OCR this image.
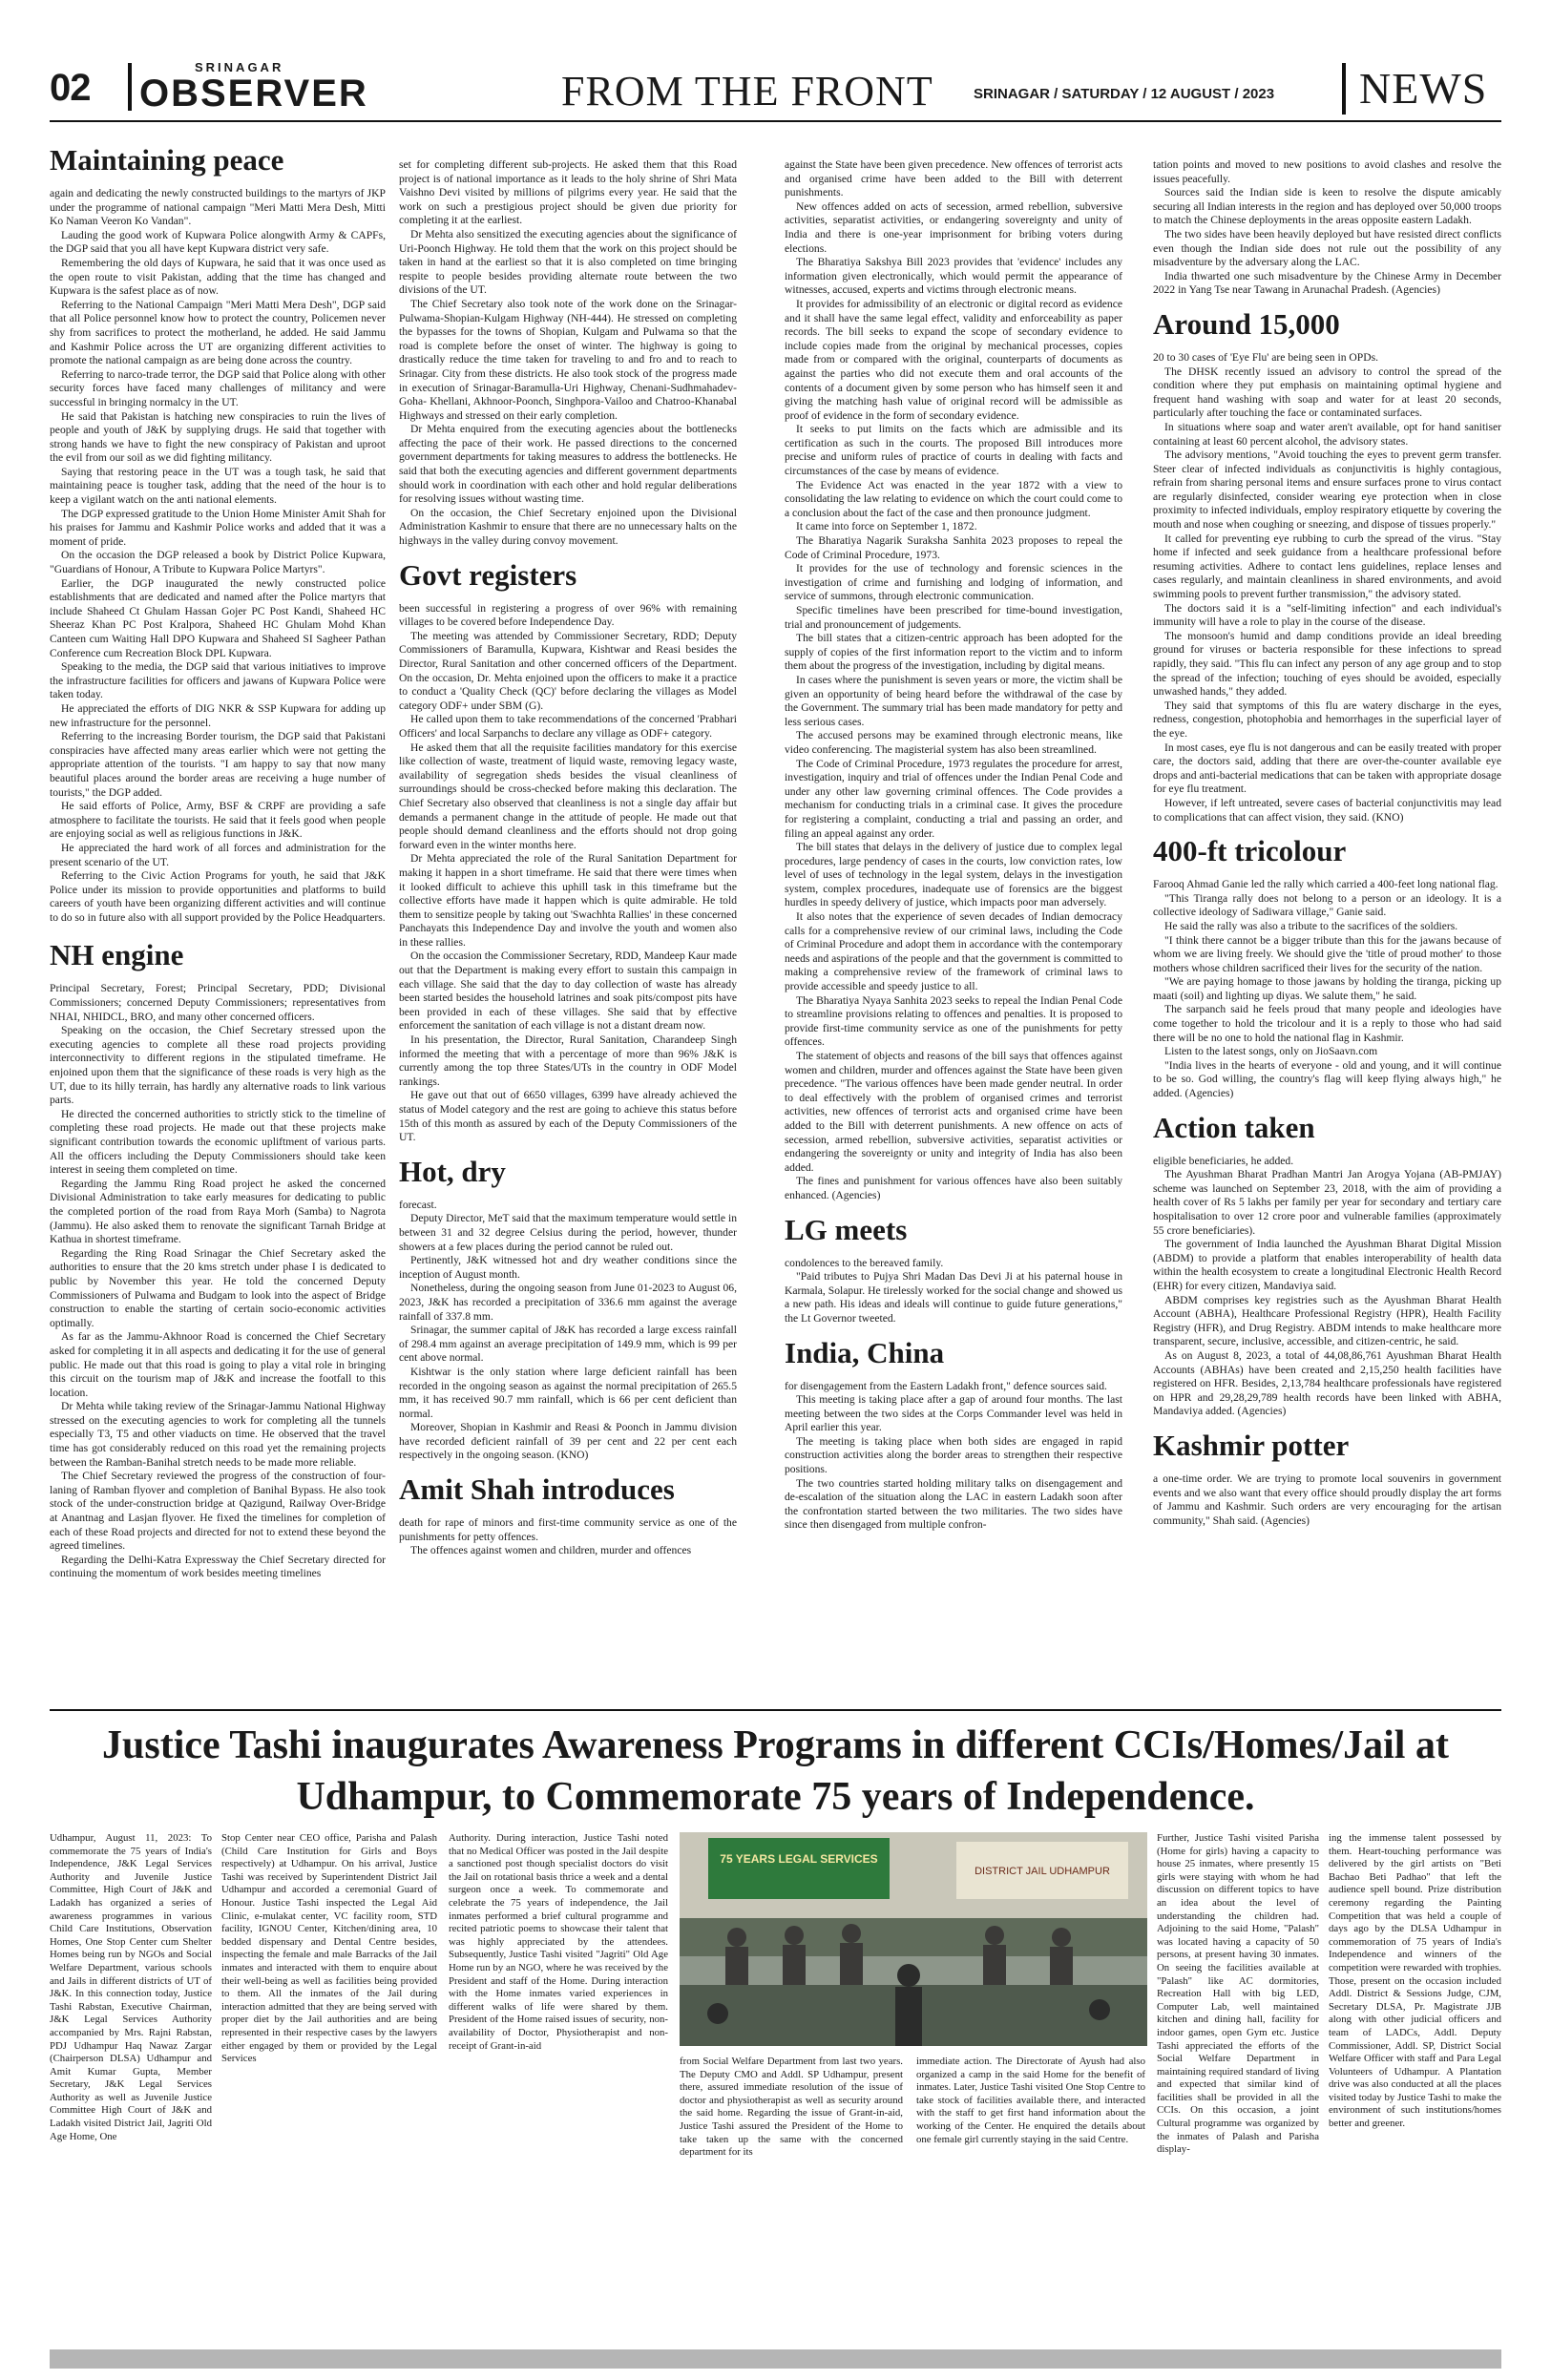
02	SRINAGAR
OBSERVER	FROM THE FRONT	SRINAGAR / SATURDAY / 12 AUGUST / 2023 NEWS
Maintaining peace

again and dedicating the newly constructed buildings to the martyrs of JKP under the programme of national campaign "Meri Matti Mera Desh, Mitti Ko Naman Veeron Ko Vandan".

Lauding the good work of Kupwara Police alongwith Army & CAPFs, the DGP said that you all have kept Kupwara district very safe.

Remembering the old days of Kupwara, he said that it was once used as the open route to visit Pakistan, adding that the time has changed and Kupwara is the safest place as of now.

Referring to the National Campaign "Meri Matti Mera Desh", DGP said that all Police personnel know how to protect the country, Policemen never shy from sacrifices to protect the motherland, he added. He said Jammu and Kashmir Police across the UT are organizing different activities to promote the national campaign as are being done across the country.

Referring to narco-trade terror, the DGP said that Police along with other security forces have faced many challenges of militancy and were successful in bringing normalcy in the UT.

He said that Pakistan is hatching new conspiracies to ruin the lives of people and youth of J&K by supplying drugs. He said that together with strong hands we have to fight the new conspiracy of Pakistan and uproot the evil from our soil as we did fighting militancy.

Saying that restoring peace in the UT was a tough task, he said that maintaining peace is tougher task, adding that the need of the hour is to keep a vigilant watch on the anti national elements.

The DGP expressed gratitude to the Union Home Minister Amit Shah for his praises for Jammu and Kashmir Police works and added that it was a moment of pride.

On the occasion the DGP released a book by District Police Kupwara, "Guardians of Honour, A Tribute to Kupwara Police Martyrs".

Earlier, the DGP inaugurated the newly constructed police establishments that are dedicated and named after the Police martyrs that include Shaheed Ct Ghulam Hassan Gojer PC Post Kandi, Shaheed HC Sheeraz Khan PC Post Kralpora, Shaheed HC Ghulam Mohd Khan Canteen cum Waiting Hall DPO Kupwara and Shaheed SI Sagheer Pathan Conference cum Recreation Block DPL Kupwara.

Speaking to the media, the DGP said that various initiatives to improve the infrastructure facilities for officers and jawans of Kupwara Police were taken today.

He appreciated the efforts of DIG NKR & SSP Kupwara for adding up new infrastructure for the personnel.

Referring to the increasing Border tourism, the DGP said that Pakistani conspiracies have affected many areas earlier which were not getting the appropriate attention of the tourists. "I am happy to say that now many beautiful places around the border areas are receiving a huge number of tourists," the DGP added.

He said efforts of Police, Army, BSF & CRPF are providing a safe atmosphere to facilitate the tourists. He said that it feels good when people are enjoying social as well as religious functions in J&K.

He appreciated the hard work of all forces and administration for the present scenario of the UT.

Referring to the Civic Action Programs for youth, he said that J&K Police under its mission to provide opportunities and platforms to build careers of youth have been organizing different activities and will continue to do so in future also with all support provided by the Police Headquarters.

NH engine

Principal Secretary, Forest; Principal Secretary, PDD; Divisional Commissioners; concerned Deputy Commissioners; representatives from NHAI, NHIDCL, BRO, and many other concerned officers.

Speaking on the occasion, the Chief Secretary stressed upon the executing agencies to complete all these road projects providing interconnectivity to different regions in the stipulated timeframe. He enjoined upon them that the significance of these roads is very high as the UT, due to its hilly terrain, has hardly any alternative roads to link various parts.

He directed the concerned authorities to strictly stick to the timeline of completing these road projects. He made out that these projects make significant contribution towards the economic upliftment of various parts. All the officers including the Deputy Commissioners should take keen interest in seeing them completed on time.

Regarding the Jammu Ring Road project he asked the concerned Divisional Administration to take early measures for dedicating to public the completed portion of the road from Raya Morh (Samba) to Nagrota (Jammu). He also asked them to renovate the significant Tarnah Bridge at Kathua in shortest timeframe.

Regarding the Ring Road Srinagar the Chief Secretary asked the authorities to ensure that the 20 kms stretch under phase I is dedicated to public by November this year. He told the concerned Deputy Commissioners of Pulwama and Budgam to look into the aspect of Bridge construction to enable the starting of certain socio-economic activities optimally.

As far as the Jammu-Akhnoor Road is concerned the Chief Secretary asked for completing it in all aspects and dedicating it for the use of general public. He made out that this road is going to play a vital role in bringing this circuit on the tourism map of J&K and increase the footfall to this location.

Dr Mehta while taking review of the Srinagar-Jammu National Highway stressed on the executing agencies to work for completing all the tunnels especially T3, T5 and other viaducts on time. He observed that the travel time has got considerably reduced on this road yet the remaining projects between the Ramban-Banihal stretch needs to be made more reliable.

The Chief Secretary reviewed the progress of the construction of four-laning of Ramban flyover and completion of Banihal Bypass. He also took stock of the under-construction bridge at Qazigund, Railway Over-Bridge at Anantnag and Lasjan flyover. He fixed the timelines for completion of each of these Road projects and directed for not to extend these beyond the agreed timelines.

Regarding the Delhi-Katra Expressway the Chief Secretary directed for continuing the momentum of work besides meeting timelines

set for completing different sub-projects. He asked them that this Road project is of national importance as it leads to the holy shrine of Shri Mata Vaishno Devi visited by millions of pilgrims every year. He said that the work on such a prestigious project should be given due priority for completing it at the earliest.

Dr Mehta also sensitized the executing agencies about the significance of Uri-Poonch Highway. He told them that the work on this project should be taken in hand at the earliest so that it is also completed on time bringing respite to people besides providing alternate route between the two divisions of the UT.

The Chief Secretary also took note of the work done on the Srinagar-Pulwama-Shopian-Kulgam Highway (NH-444). He stressed on completing the bypasses for the towns of Shopian, Kulgam and Pulwama so that the road is complete before the onset of winter. The highway is going to drastically reduce the time taken for traveling to and fro and to reach to Srinagar. City from these districts. He also took stock of the progress made in execution of Srinagar-Baramulla-Uri Highway, Chenani-Sudhmahadev-Goha- Khellani, Akhnoor-Poonch, Singhpora-Vailoo and Chatroo-Khanabal Highways and stressed on their early completion.

Dr Mehta enquired from the executing agencies about the bottlenecks affecting the pace of their work. He passed directions to the concerned government departments for taking measures to address the bottlenecks. He said that both the executing agencies and different government departments should work in coordination with each other and hold regular deliberations for resolving issues without wasting time.

On the occasion, the Chief Secretary enjoined upon the Divisional Administration Kashmir to ensure that there are no unnecessary halts on the highways in the valley during convoy movement.

Govt registers

been successful in registering a progress of over 96% with remaining villages to be covered before Independence Day.

The meeting was attended by Commissioner Secretary, RDD; Deputy Commissioners of Baramulla, Kupwara, Kishtwar and Reasi besides the Director, Rural Sanitation and other concerned officers of the Department. On the occasion, Dr. Mehta enjoined upon the officers to make it a practice to conduct a 'Quality Check (QC)' before declaring the villages as Model category ODF+ under SBM (G).

He called upon them to take recommendations of the concerned 'Prabhari Officers' and local Sarpanchs to declare any village as ODF+ category.

He asked them that all the requisite facilities mandatory for this exercise like collection of waste, treatment of liquid waste, removing legacy waste, availability of segregation sheds besides the visual cleanliness of surroundings should be cross-checked before making this declaration. The Chief Secretary also observed that cleanliness is not a single day affair but demands a permanent change in the attitude of people. He made out that people should demand cleanliness and the efforts should not drop going forward even in the winter months here.

Dr Mehta appreciated the role of the Rural Sanitation Department for making it happen in a short timeframe. He said that there were times when it looked difficult to achieve this uphill task in this timeframe but the collective efforts have made it happen which is quite admirable. He told them to sensitize people by taking out 'Swachhta Rallies' in these concerned Panchayats this Independence Day and involve the youth and women also in these rallies.

On the occasion the Commissioner Secretary, RDD, Mandeep Kaur made out that the Department is making every effort to sustain this campaign in each village. She said that the day to day collection of waste has already been started besides the household latrines and soak pits/compost pits have been provided in each of these villages. She said that by effective enforcement the sanitation of each village is not a distant dream now.

In his presentation, the Director, Rural Sanitation, Charandeep Singh informed the meeting that with a percentage of more than 96% J&K is currently among the top three States/UTs in the country in ODF Model rankings.

He gave out that out of 6650 villages, 6399 have already achieved the status of Model category and the rest are going to achieve this status before 15th of this month as assured by each of the Deputy Commissioners of the UT.

Hot, dry

forecast.

Deputy Director, MeT said that the maximum temperature would settle in between 31 and 32 degree Celsius during the period, however, thunder showers at a few places during the period cannot be ruled out.

Pertinently, J&K witnessed hot and dry weather conditions since the inception of August month.

Nonetheless, during the ongoing season from June 01-2023 to August 06, 2023, J&K has recorded a precipitation of 336.6 mm against the average rainfall of 337.8 mm.

Srinagar, the summer capital of J&K has recorded a large excess rainfall of 298.4 mm against an average precipitation of 149.9 mm, which is 99 per cent above normal.

Kishtwar is the only station where large deficient rainfall has been recorded in the ongoing season as against the normal precipitation of 265.5 mm, it has received 90.7 mm rainfall, which is 66 per cent deficient than normal.

Moreover, Shopian in Kashmir and Reasi & Poonch in Jammu division have recorded deficient rainfall of 39 per cent and 22 per cent each respectively in the ongoing season. (KNO)

Amit Shah introduces

death for rape of minors and first-time community service as one of the punishments for petty offences.

The offences against women and children, murder and offences

against the State have been given precedence. New offences of terrorist acts and organised crime have been added to the Bill with deterrent punishments.

New offences added on acts of secession, armed rebellion, subversive activities, separatist activities, or endangering sovereignty and unity of India and there is one-year imprisonment for bribing voters during elections.

The Bharatiya Sakshya Bill 2023 provides that 'evidence' includes any information given electronically, which would permit the appearance of witnesses, accused, experts and victims through electronic means.

It provides for admissibility of an electronic or digital record as evidence and it shall have the same legal effect, validity and enforceability as paper records. The bill seeks to expand the scope of secondary evidence to include copies made from the original by mechanical processes, copies made from or compared with the original, counterparts of documents as against the parties who did not execute them and oral accounts of the contents of a document given by some person who has himself seen it and giving the matching hash value of original record will be admissible as proof of evidence in the form of secondary evidence.

It seeks to put limits on the facts which are admissible and its certification as such in the courts. The proposed Bill introduces more precise and uniform rules of practice of courts in dealing with facts and circumstances of the case by means of evidence.

The Evidence Act was enacted in the year 1872 with a view to consolidating the law relating to evidence on which the court could come to a conclusion about the fact of the case and then pronounce judgment.

It came into force on September 1, 1872.

The Bharatiya Nagarik Suraksha Sanhita 2023 proposes to repeal the Code of Criminal Procedure, 1973.

It provides for the use of technology and forensic sciences in the investigation of crime and furnishing and lodging of information, and service of summons, through electronic communication.

Specific timelines have been prescribed for time-bound investigation, trial and pronouncement of judgements.

The bill states that a citizen-centric approach has been adopted for the supply of copies of the first information report to the victim and to inform them about the progress of the investigation, including by digital means.

In cases where the punishment is seven years or more, the victim shall be given an opportunity of being heard before the withdrawal of the case by the Government. The summary trial has been made mandatory for petty and less serious cases.

The accused persons may be examined through electronic means, like video conferencing. The magisterial system has also been streamlined.

The Code of Criminal Procedure, 1973 regulates the procedure for arrest, investigation, inquiry and trial of offences under the Indian Penal Code and under any other law governing criminal offences. The Code provides a mechanism for conducting trials in a criminal case. It gives the procedure for registering a complaint, conducting a trial and passing an order, and filing an appeal against any order.

The bill states that delays in the delivery of justice due to complex legal procedures, large pendency of cases in the courts, low conviction rates, low level of uses of technology in the legal system, delays in the investigation system, complex procedures, inadequate use of forensics are the biggest hurdles in speedy delivery of justice, which impacts poor man adversely.

It also notes that the experience of seven decades of Indian democracy calls for a comprehensive review of our criminal laws, including the Code of Criminal Procedure and adopt them in accordance with the contemporary needs and aspirations of the people and that the government is committed to making a comprehensive review of the framework of criminal laws to provide accessible and speedy justice to all.

The Bharatiya Nyaya Sanhita 2023 seeks to repeal the Indian Penal Code to streamline provisions relating to offences and penalties. It is proposed to provide first-time community service as one of the punishments for petty offences.

The statement of objects and reasons of the bill says that offences against women and children, murder and offences against the State have been given precedence. "The various offences have been made gender neutral. In order to deal effectively with the problem of organised crimes and terrorist activities, new offences of terrorist acts and organised crime have been added to the Bill with deterrent punishments. A new offence on acts of secession, armed rebellion, subversive activities, separatist activities or endangering the sovereignty or unity and integrity of India has also been added.

The fines and punishment for various offences have also been suitably enhanced. (Agencies)

LG meets

condolences to the bereaved family.

"Paid tributes to Pujya Shri Madan Das Devi Ji at his paternal house in Karmala, Solapur. He tirelessly worked for the social change and showed us a new path. His ideas and ideals will continue to guide future generations," the Lt Governor tweeted.

India, China

for disengagement from the Eastern Ladakh front," defence sources said.

This meeting is taking place after a gap of around four months. The last meeting between the two sides at the Corps Commander level was held in April earlier this year.

The meeting is taking place when both sides are engaged in rapid construction activities along the border areas to strengthen their respective positions.

The two countries started holding military talks on disengagement and de-escalation of the situation along the LAC in eastern Ladakh soon after the confrontation started between the two militaries. The two sides have since then disengaged from multiple confron-

tation points and moved to new positions to avoid clashes and resolve the issues peacefully.

Sources said the Indian side is keen to resolve the dispute amicably securing all Indian interests in the region and has deployed over 50,000 troops to match the Chinese deployments in the areas opposite eastern Ladakh.

The two sides have been heavily deployed but have resisted direct conflicts even though the Indian side does not rule out the possibility of any misadventure by the adversary along the LAC.

India thwarted one such misadventure by the Chinese Army in December 2022 in Yang Tse near Tawang in Arunachal Pradesh. (Agencies)

Around 15,000

20 to 30 cases of 'Eye Flu' are being seen in OPDs.

The DHSK recently issued an advisory to control the spread of the condition where they put emphasis on maintaining optimal hygiene and frequent hand washing with soap and water for at least 20 seconds, particularly after touching the face or contaminated surfaces.

In situations where soap and water aren't available, opt for hand sanitiser containing at least 60 percent alcohol, the advisory states.

The advisory mentions, "Avoid touching the eyes to prevent germ transfer. Steer clear of infected individuals as conjunctivitis is highly contagious, refrain from sharing personal items and ensure surfaces prone to virus contact are regularly disinfected, consider wearing eye protection when in close proximity to infected individuals, employ respiratory etiquette by covering the mouth and nose when coughing or sneezing, and dispose of tissues properly."

It called for preventing eye rubbing to curb the spread of the virus. "Stay home if infected and seek guidance from a healthcare professional before resuming activities. Adhere to contact lens guidelines, replace lenses and cases regularly, and maintain cleanliness in shared environments, and avoid swimming pools to prevent further transmission," the advisory stated.

The doctors said it is a "self-limiting infection" and each individual's immunity will have a role to play in the course of the disease.

The monsoon's humid and damp conditions provide an ideal breeding ground for viruses or bacteria responsible for these infections to spread rapidly, they said. "This flu can infect any person of any age group and to stop the spread of the infection; touching of eyes should be avoided, especially unwashed hands," they added.

They said that symptoms of this flu are watery discharge in the eyes, redness, congestion, photophobia and hemorrhages in the superficial layer of the eye.

In most cases, eye flu is not dangerous and can be easily treated with proper care, the doctors said, adding that there are over-the-counter available eye drops and anti-bacterial medications that can be taken with appropriate dosage for eye flu treatment.

However, if left untreated, severe cases of bacterial conjunctivitis may lead to complications that can affect vision, they said. (KNO)

400-ft tricolour

Farooq Ahmad Ganie led the rally which carried a 400-feet long national flag.

"This Tiranga rally does not belong to a person or an ideology. It is a collective ideology of Sadiwara village," Ganie said.

He said the rally was also a tribute to the sacrifices of the soldiers.

"I think there cannot be a bigger tribute than this for the jawans because of whom we are living freely. We should give the 'title of proud mother' to those mothers whose children sacrificed their lives for the security of the nation.

"We are paying homage to those jawans by holding the tiranga, picking up maati (soil) and lighting up diyas. We salute them," he said.

The sarpanch said he feels proud that many people and ideologies have come together to hold the tricolour and it is a reply to those who had said there will be no one to hold the national flag in Kashmir.

Listen to the latest songs, only on JioSaavn.com

"India lives in the hearts of everyone - old and young, and it will continue to be so. God willing, the country's flag will keep flying always high," he added. (Agencies)

Action taken

eligible beneficiaries, he added.

The Ayushman Bharat Pradhan Mantri Jan Arogya Yojana (AB-PMJAY) scheme was launched on September 23, 2018, with the aim of providing a health cover of Rs 5 lakhs per family per year for secondary and tertiary care hospitalisation to over 12 crore poor and vulnerable families (approximately 55 crore beneficiaries).

The government of India launched the Ayushman Bharat Digital Mission (ABDM) to provide a platform that enables interoperability of health data within the health ecosystem to create a longitudinal Electronic Health Record (EHR) for every citizen, Mandaviya said.

ABDM comprises key registries such as the Ayushman Bharat Health Account (ABHA), Healthcare Professional Registry (HPR), Health Facility Registry (HFR), and Drug Registry. ABDM intends to make healthcare more transparent, secure, inclusive, accessible, and citizen-centric, he said.

As on August 8, 2023, a total of 44,08,86,761 Ayushman Bharat Health Accounts (ABHAs) have been created and 2,15,250 health facilities have registered on HFR. Besides, 2,13,784 healthcare professionals have registered on HPR and 29,28,29,789 health records have been linked with ABHA, Mandaviya added. (Agencies)

Kashmir potter

a one-time order. We are trying to promote local souvenirs in government events and we also want that every office should proudly display the art forms of Jammu and Kashmir. Such orders are very encouraging for the artisan community," Shah said. (Agencies)

Justice Tashi inaugurates Awareness Programs in different CCIs/Homes/Jail at Udhampur, to Commemorate 75 years of Independence.

Udhampur, August 11, 2023: To commemorate the 75 years of India's Independence, J&K Legal Services Authority and Juvenile Justice Committee, High Court of J&K and Ladakh has organized a series of awareness programmes in various Child Care Institutions, Observation Homes, One Stop Center cum Shelter Homes being run by NGOs and Social Welfare Department, various schools and Jails in different districts of UT of J&K. In this connection today, Justice Tashi Rabstan, Executive Chairman, J&K Legal Services Authority accompanied by Mrs. Rajni Rabstan, PDJ Udhampur Haq Nawaz Zargar (Chairperson DLSA) Udhampur and Amit Kumar Gupta, Member Secretary, J&K Legal Services Authority as well as Juvenile Justice Committee High Court of J&K and Ladakh visited District Jail, Jagriti Old Age Home, One

Stop Center near CEO office, Parisha and Palash (Child Care Institution for Girls and Boys respectively) at Udhampur. On his arrival, Justice Tashi was received by Superintendent District Jail Udhampur and accorded a ceremonial Guard of Honour. Justice Tashi inspected the Legal Aid Clinic, e-mulakat center, VC facility room, STD facility, IGNOU Center, Kitchen/dining area, 10 bedded dispensary and Dental Centre besides, inspecting the female and male Barracks of the Jail inmates and interacted with them to enquire about their well-being as well as facilities being provided to them. All the inmates of the Jail during interaction admitted that they are being served with proper diet by the Jail authorities and are being represented in their respective cases by the lawyers either engaged by them or provided by the Legal Services

Authority. During interaction, Justice Tashi noted that no Medical Officer was posted in the Jail despite a sanctioned post though specialist doctors do visit the Jail on rotational basis thrice a week and a dental surgeon once a week. To commemorate and celebrate the 75 years of independence, the Jail inmates performed a brief cultural programme and recited patriotic poems to showcase their talent that was highly appreciated by the attendees. Subsequently, Justice Tashi visited "Jagriti" Old Age Home run by an NGO, where he was received by the President and staff of the Home. During interaction with the Home inmates varied experiences in different walks of life were shared by them. President of the Home raised issues of security, non-availability of Doctor, Physiotherapist and non-receipt of Grant-in-aid

75 YEARS LEGAL SERVICES
DISTRICT JAIL UDHAMPUR

from Social Welfare Department from last two years. The Deputy CMO and Addl. SP Udhampur, present there, assured immediate resolution of the issue of doctor and physiotherapist as well as security around the said home. Regarding the issue of Grant-in-aid, Justice Tashi assured the President of the Home to take taken up the same with the concerned department for its

immediate action. The Directorate of Ayush had also organized a camp in the said Home for the benefit of inmates. Later, Justice Tashi visited One Stop Centre to take stock of facilities available there, and interacted with the staff to get first hand information about the working of the Center. He enquired the details about one female girl currently staying in the said Centre.

Further, Justice Tashi visited Parisha (Home for girls) having a capacity to house 25 inmates, where presently 15 girls were staying with whom he had discussion on different topics to have an idea about the level of understanding the children had. Adjoining to the said Home, "Palash" was located having a capacity of 50 persons, at present having 30 inmates. On seeing the facilities available at "Palash" like AC dormitories, Recreation Hall with big LED, Computer Lab, well maintained kitchen and dining hall, facility for indoor games, open Gym etc. Justice Tashi appreciated the efforts of the Social Welfare Department in maintaining required standard of living and expected that similar kind of facilities shall be provided in all the CCIs. On this occasion, a joint Cultural programme was organized by the inmates of Palash and Parisha display-

ing the immense talent possessed by them. Heart-touching performance was delivered by the girl artists on "Beti Bachao Beti Padhao" that left the audience spell bound. Prize distribution ceremony regarding the Painting Competition that was held a couple of days ago by the DLSA Udhampur in commemoration of 75 years of India's Independence and winners of the competition were rewarded with trophies. Those, present on the occasion included Addl. District & Sessions Judge, CJM, Secretary DLSA, Pr. Magistrate JJB along with other judicial officers and team of LADCs, Addl. Deputy Commissioner, Addl. SP, District Social Welfare Officer with staff and Para Legal Volunteers of Udhampur. A Plantation drive was also conducted at all the places visited today by Justice Tashi to make the environment of such institutions/homes better and greener.
